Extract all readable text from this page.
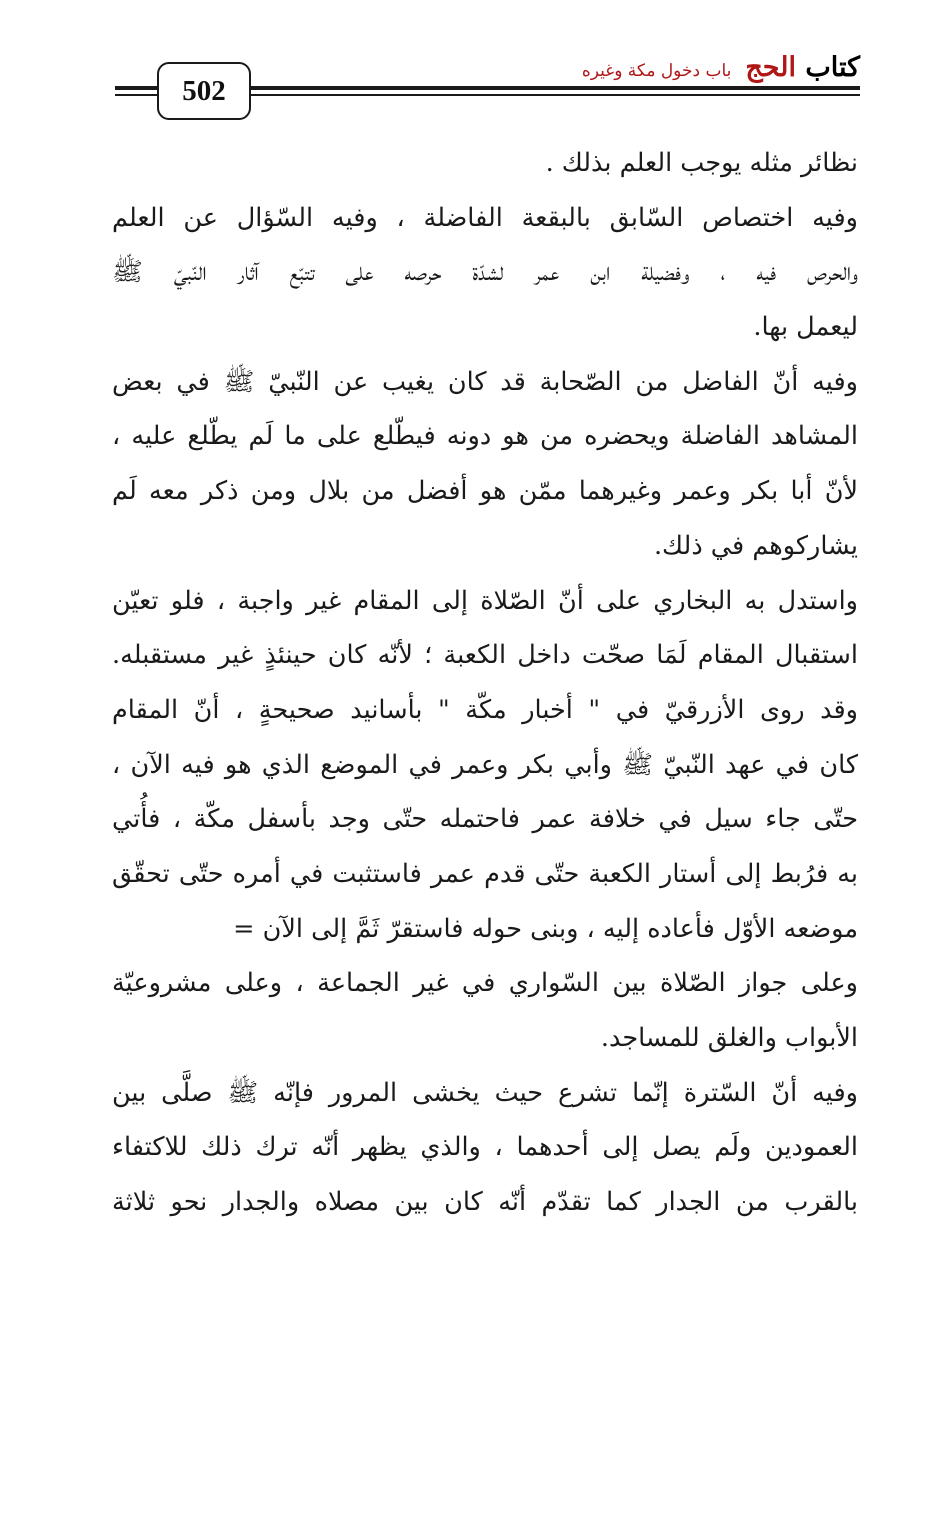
كتاب الحج
باب دخول مكة وغيره
502
نظائر مثله يوجب العلم بذلك .
وفيه اختصاص السّابق بالبقعة الفاضلة ، وفيه السّؤال عن العلم
والحرص فيه ، وفضيلة ابن عمر لشدّة حرصه على تتبّع آثار النّبيّ ﷺ
ليعمل بها.
وفيه أنّ الفاضل من الصّحابة قد كان يغيب عن النّبيّ ﷺ في بعض
المشاهد الفاضلة ويحضره من هو دونه فيطّلع على ما لَم يطّلع عليه ،
لأنّ أبا بكر وعمر وغيرهما ممّن هو أفضل من بلال ومن ذكر معه لَم
يشاركوهم في ذلك.
واستدل به البخاري على أنّ الصّلاة إلى المقام غير واجبة ، فلو تعيّن
استقبال المقام لَمَا صحّت داخل الكعبة ؛ لأنّه كان حينئذٍ غير مستقبله.
وقد روى الأزرقيّ في " أخبار مكّة " بأسانيد صحيحةٍ ، أنّ المقام
كان في عهد النّبيّ ﷺ وأبي بكر وعمر في الموضع الذي هو فيه الآن ،
حتّى جاء سيل في خلافة عمر فاحتمله حتّى وجد بأسفل مكّة ، فأُتي
به فرُبط إلى أستار الكعبة حتّى قدم عمر فاستثبت في أمره حتّى تحقّق
موضعه الأوّل فأعاده إليه ، وبنى حوله فاستقرّ ثَمَّ إلى الآن =
وعلى جواز الصّلاة بين السّواري في غير الجماعة ، وعلى مشروعيّة
الأبواب والغلق للمساجد.
وفيه أنّ السّترة إنّما تشرع حيث يخشى المرور فإنّه ﷺ صلَّى بين
العمودين ولَم يصل إلى أحدهما ، والذي يظهر أنّه ترك ذلك للاكتفاء
بالقرب من الجدار كما تقدّم أنّه كان بين مصلاه والجدار نحو ثلاثة
